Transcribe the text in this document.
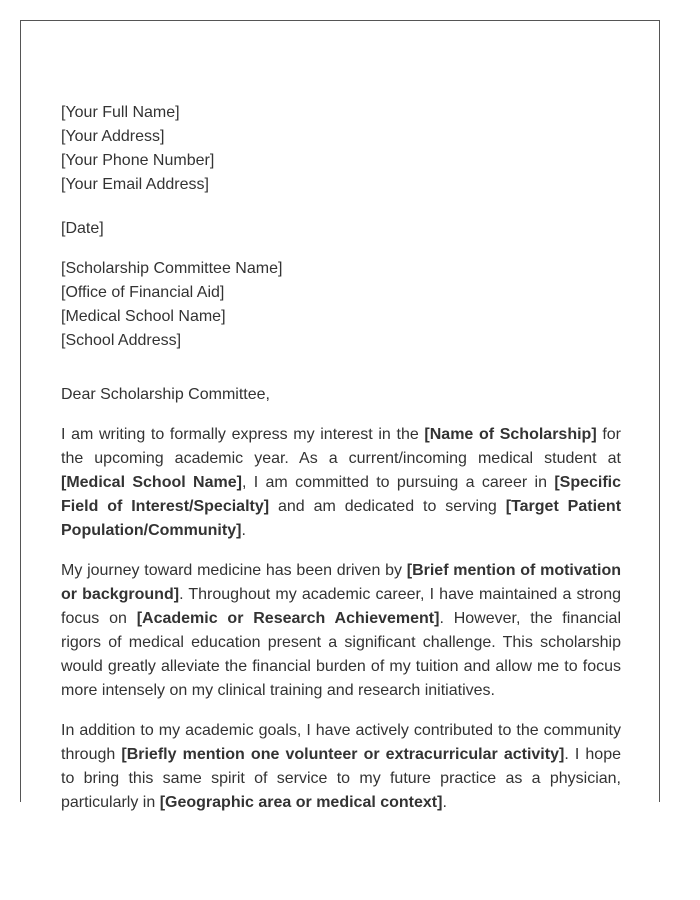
[Your Full Name]
[Your Address]
[Your Phone Number]
[Your Email Address]
[Date]
[Scholarship Committee Name]
[Office of Financial Aid]
[Medical School Name]
[School Address]

Dear Scholarship Committee,

I am writing to formally express my interest in the [Name of Scholarship] for the upcoming academic year. As a current/incoming medical student at [Medical School Name], I am committed to pursuing a career in [Specific Field of Interest/Specialty] and am dedicated to serving [Target Patient Population/Community].

My journey toward medicine has been driven by [Brief mention of motivation or background]. Throughout my academic career, I have maintained a strong focus on [Academic or Research Achievement]. However, the financial rigors of medical education present a significant challenge. This scholarship would greatly alleviate the financial burden of my tuition and allow me to focus more intensely on my clinical training and research initiatives.

In addition to my academic goals, I have actively contributed to the community through [Briefly mention one volunteer or extracurricular activity]. I hope to bring this same spirit of service to my future practice as a physician, particularly in [Geographic area or medical context].
